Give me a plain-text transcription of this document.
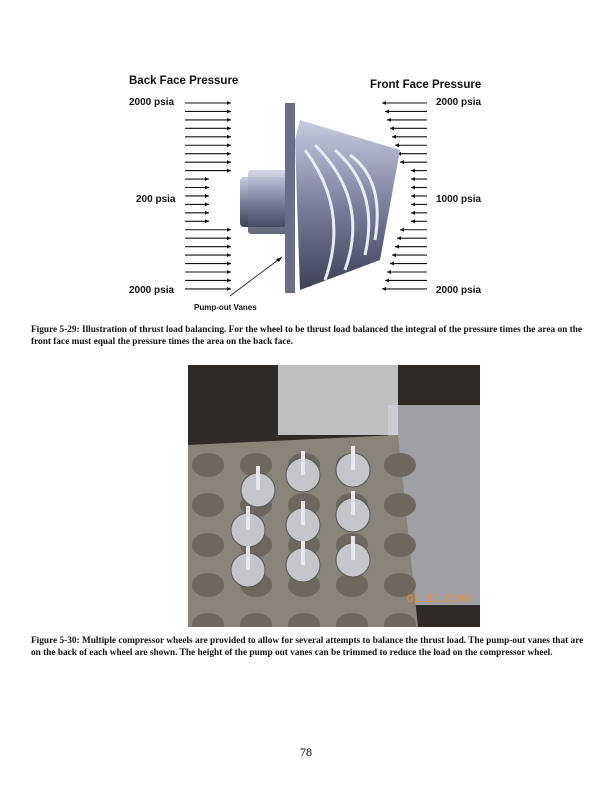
Back Face Pressure	Front Face Pressure
2000 psia
200 psia
2000 psia
2000 psia
1000 psia
2000 psia
Pump-out Vanes
Figure 5-29: Illustration of thrust load balancing. For the wheel to be thrust load balanced the integral of the pressure times the area on the front face must equal the pressure times the area on the back face.
01 10 2008
Figure 5-30: Multiple compressor wheels are provided to allow for several attempts to balance the thrust load. The pump-out vanes that are on the back of each wheel are shown. The height of the pump out vanes can be trimmed to reduce the load on the compressor wheel.
78
